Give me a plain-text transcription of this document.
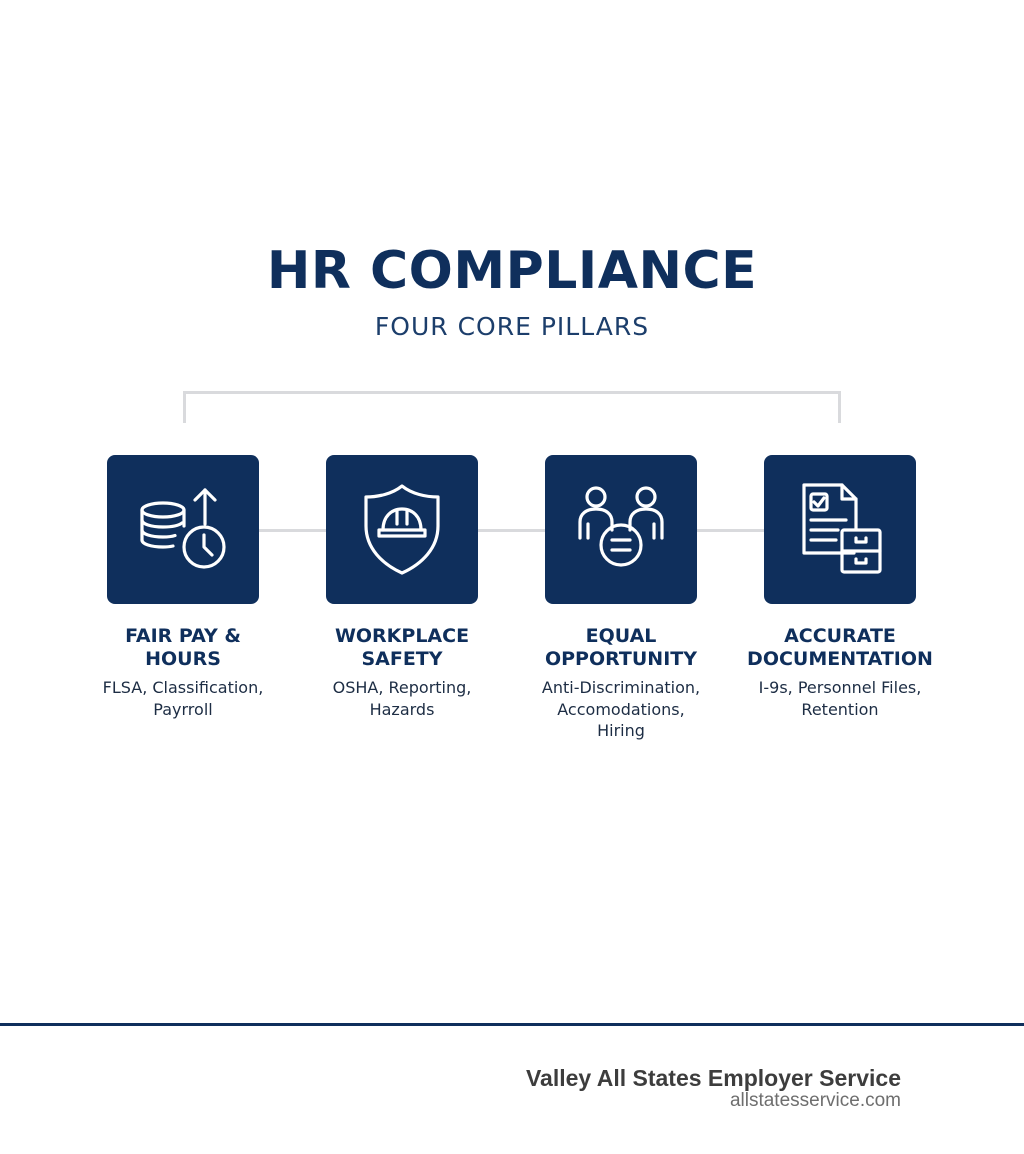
HR COMPLIANCE
FOUR CORE PILLARS
FAIR PAY &
HOURS
FLSA, Classification,
Payrroll
WORKPLACE
SAFETY
OSHA, Reporting,
Hazards
EQUAL
OPPORTUNITY
Anti-Discrimination,
Accomodations,
Hiring
ACCURATE
DOCUMENTATION
I-9s, Personnel Files,
Retention
Valley All States Employer Service
allstatesservice.com
